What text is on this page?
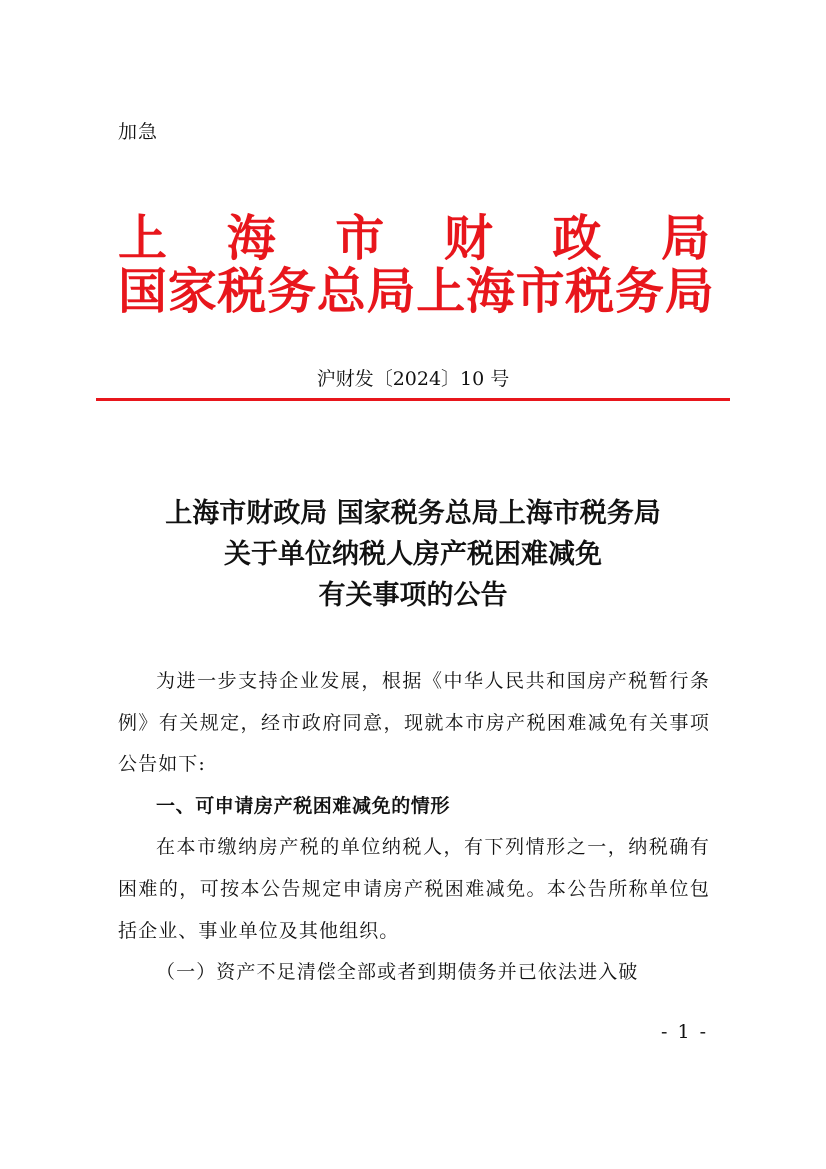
加急
上 海 市 财 政 局
国家税务总局上海市税务局
沪财发〔2024〕10 号
上海市财政局 国家税务总局上海市税务局
关于单位纳税人房产税困难减免
有关事项的公告

为进一步支持企业发展，根据《中华人民共和国房产税暂行条例》有关规定，经市政府同意，现就本市房产税困难减免有关事项公告如下:

一、可申请房产税困难减免的情形

在本市缴纳房产税的单位纳税人，有下列情形之一，纳税确有困难的，可按本公告规定申请房产税困难减免。本公告所称单位包括企业、事业单位及其他组织。

（一）资产不足清偿全部或者到期债务并已依法进入破

- 1 -
